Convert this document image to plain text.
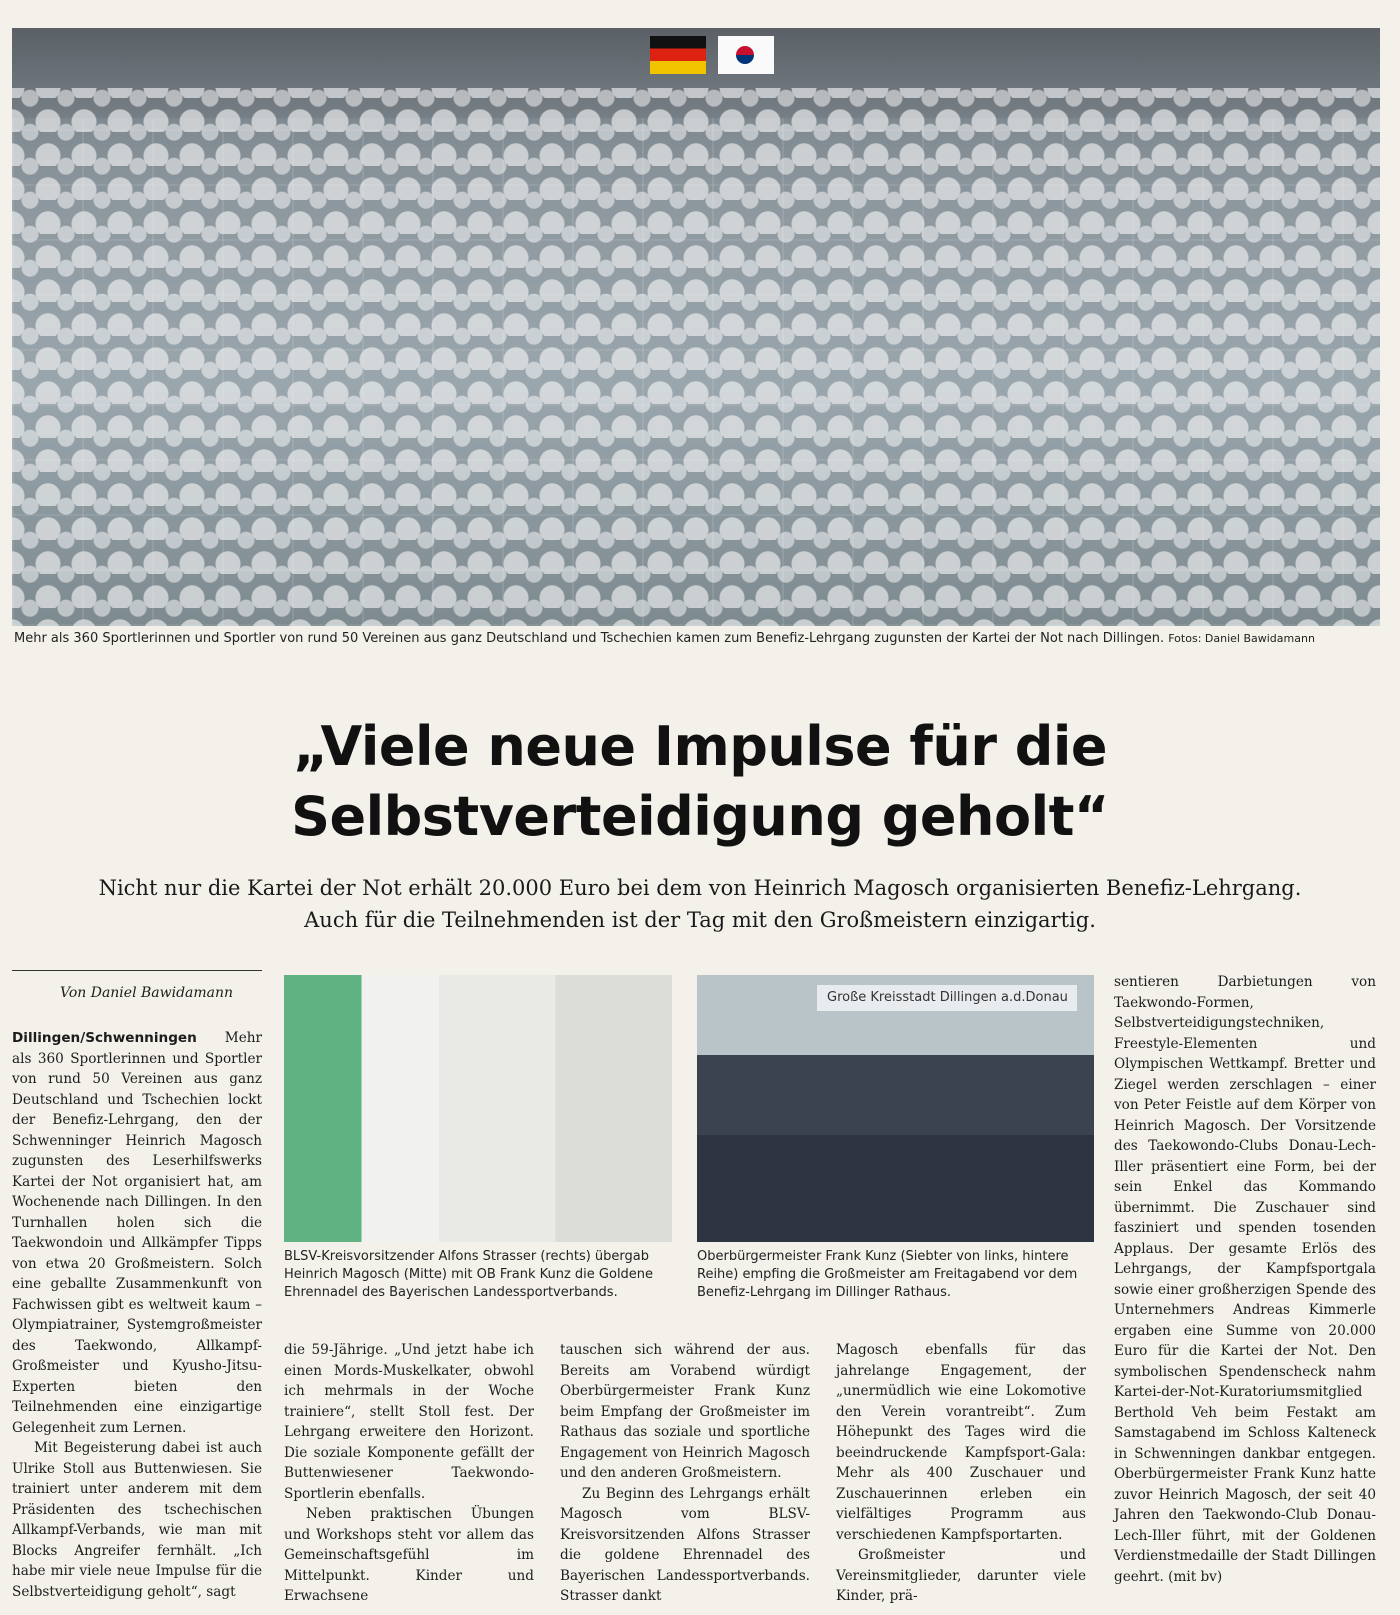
Mehr als 360 Sportlerinnen und Sportler von rund 50 Vereinen aus ganz Deutschland und Tschechien kamen zum Benefiz-Lehrgang zugunsten der Kartei der Not nach Dillingen. Fotos: Daniel Bawidamann
„Viele neue Impulse für die
Selbstverteidigung geholt“
Nicht nur die Kartei der Not erhält 20.000 Euro bei dem von Heinrich Magosch organisierten Benefiz-Lehrgang.
Auch für die Teilnehmenden ist der Tag mit den Großmeistern einzigartig.
Von Daniel Bawidamann

Dillingen/Schwenningen Mehr als 360 Sportlerinnen und Sportler von rund 50 Vereinen aus ganz Deutschland und Tschechien lockt der Benefiz-Lehrgang, den der Schwenninger Heinrich Magosch zugunsten des Leserhilfswerks Kartei der Not organisiert hat, am Wochenende nach Dillingen. In den Turnhallen holen sich die Taekwondoin und Allkämpfer Tipps von etwa 20 Großmeistern. Solch eine geballte Zusammenkunft von Fachwissen gibt es weltweit kaum – Olympiatrainer, Systemgroßmeister des Taekwondo, Allkampf-Großmeister und Kyusho-Jitsu-Experten bieten den Teilnehmenden eine einzigartige Gelegenheit zum Lernen.

Mit Begeisterung dabei ist auch Ulrike Stoll aus Buttenwiesen. Sie trainiert unter anderem mit dem Präsidenten des tschechischen Allkampf-Verbands, wie man mit Blocks Angreifer fernhält. „Ich habe mir viele neue Impulse für die Selbstverteidigung geholt“, sagt

BLSV-Kreisvorsitzender Alfons Strasser (rechts) übergab Heinrich Magosch (Mitte) mit OB Frank Kunz die Goldene Ehrennadel des Bayerischen Landessportverbands.
Große Kreisstadt Dillingen a.d.Donau
Oberbürgermeister Frank Kunz (Siebter von links, hintere Reihe) empfing die Großmeister am Freitagabend vor dem Benefiz-Lehrgang im Dillinger Rathaus.

die 59-Jährige. „Und jetzt habe ich einen Mords-Muskelkater, obwohl ich mehrmals in der Woche trainiere“, stellt Stoll fest. Der Lehrgang erweitere den Horizont. Die soziale Komponente gefällt der Buttenwiesener Taekwondo-Sportlerin ebenfalls.

Neben praktischen Übungen und Workshops steht vor allem das Gemeinschaftsgefühl im Mittelpunkt. Kinder und Erwachsene

tauschen sich während der aus. Bereits am Vorabend würdigt Oberbürgermeister Frank Kunz beim Empfang der Großmeister im Rathaus das soziale und sportliche Engagement von Heinrich Magosch und den anderen Großmeistern.

Zu Beginn des Lehrgangs erhält Magosch vom BLSV-Kreisvorsitzenden Alfons Strasser die goldene Ehrennadel des Bayerischen Landessportverbands. Strasser dankt

Magosch ebenfalls für das jahrelange Engagement, der „unermüdlich wie eine Lokomotive den Verein vorantreibt“. Zum Höhepunkt des Tages wird die beeindruckende Kampfsport-Gala: Mehr als 400 Zuschauer und Zuschauerinnen erleben ein vielfältiges Programm aus verschiedenen Kampfsportarten.

Großmeister und Vereinsmitglieder, darunter viele Kinder, prä-

sentieren Darbietungen von Taekwondo-Formen, Selbstverteidigungstechniken, Freestyle-Elementen und Olympischen Wettkampf. Bretter und Ziegel werden zerschlagen – einer von Peter Feistle auf dem Körper von Heinrich Magosch. Der Vorsitzende des Taekowondo-Clubs Donau-Lech-Iller präsentiert eine Form, bei der sein Enkel das Kommando übernimmt. Die Zuschauer sind fasziniert und spenden tosenden Applaus. Der gesamte Erlös des Lehrgangs, der Kampfsportgala sowie einer großherzigen Spende des Unternehmers Andreas Kimmerle ergaben eine Summe von 20.000 Euro für die Kartei der Not. Den symbolischen Spendenscheck nahm Kartei-der-Not-Kuratoriumsmitglied Berthold Veh beim Festakt am Samstagabend im Schloss Kalteneck in Schwenningen dankbar entgegen. Oberbürgermeister Frank Kunz hatte zuvor Heinrich Magosch, der seit 40 Jahren den Taekwondo-Club Donau-Lech-Iller führt, mit der Goldenen Verdienstmedaille der Stadt Dillingen geehrt. (mit bv)
